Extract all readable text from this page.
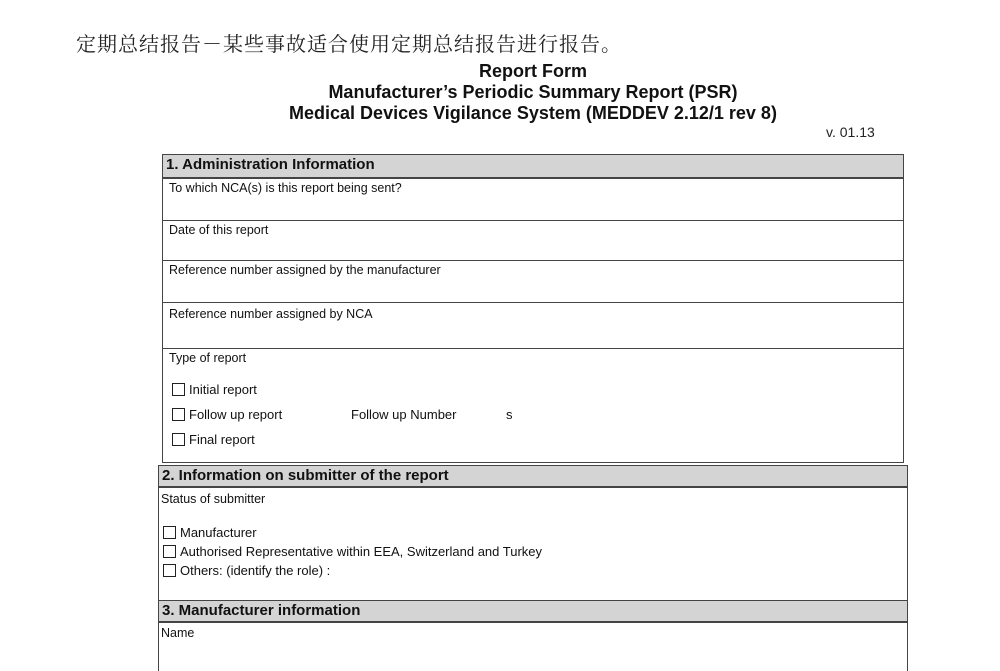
定期总结报告－某些事故适合使用定期总结报告进行报告。
Report Form
Manufacturer’s Periodic Summary Report (PSR)
Medical Devices Vigilance System (MEDDEV 2.12/1 rev 8)
v. 01.13
1. Administration Information
To which NCA(s) is this report being sent?
Date of this report
Reference number assigned by the manufacturer
Reference number assigned by NCA
Type of report
Initial report
Follow up report	Follow up Number	s
Final report
2. Information on submitter of the report
Status of submitter
Manufacturer
Authorised Representative within EEA, Switzerland and Turkey
Others: (identify the role) :
3. Manufacturer information
Name
